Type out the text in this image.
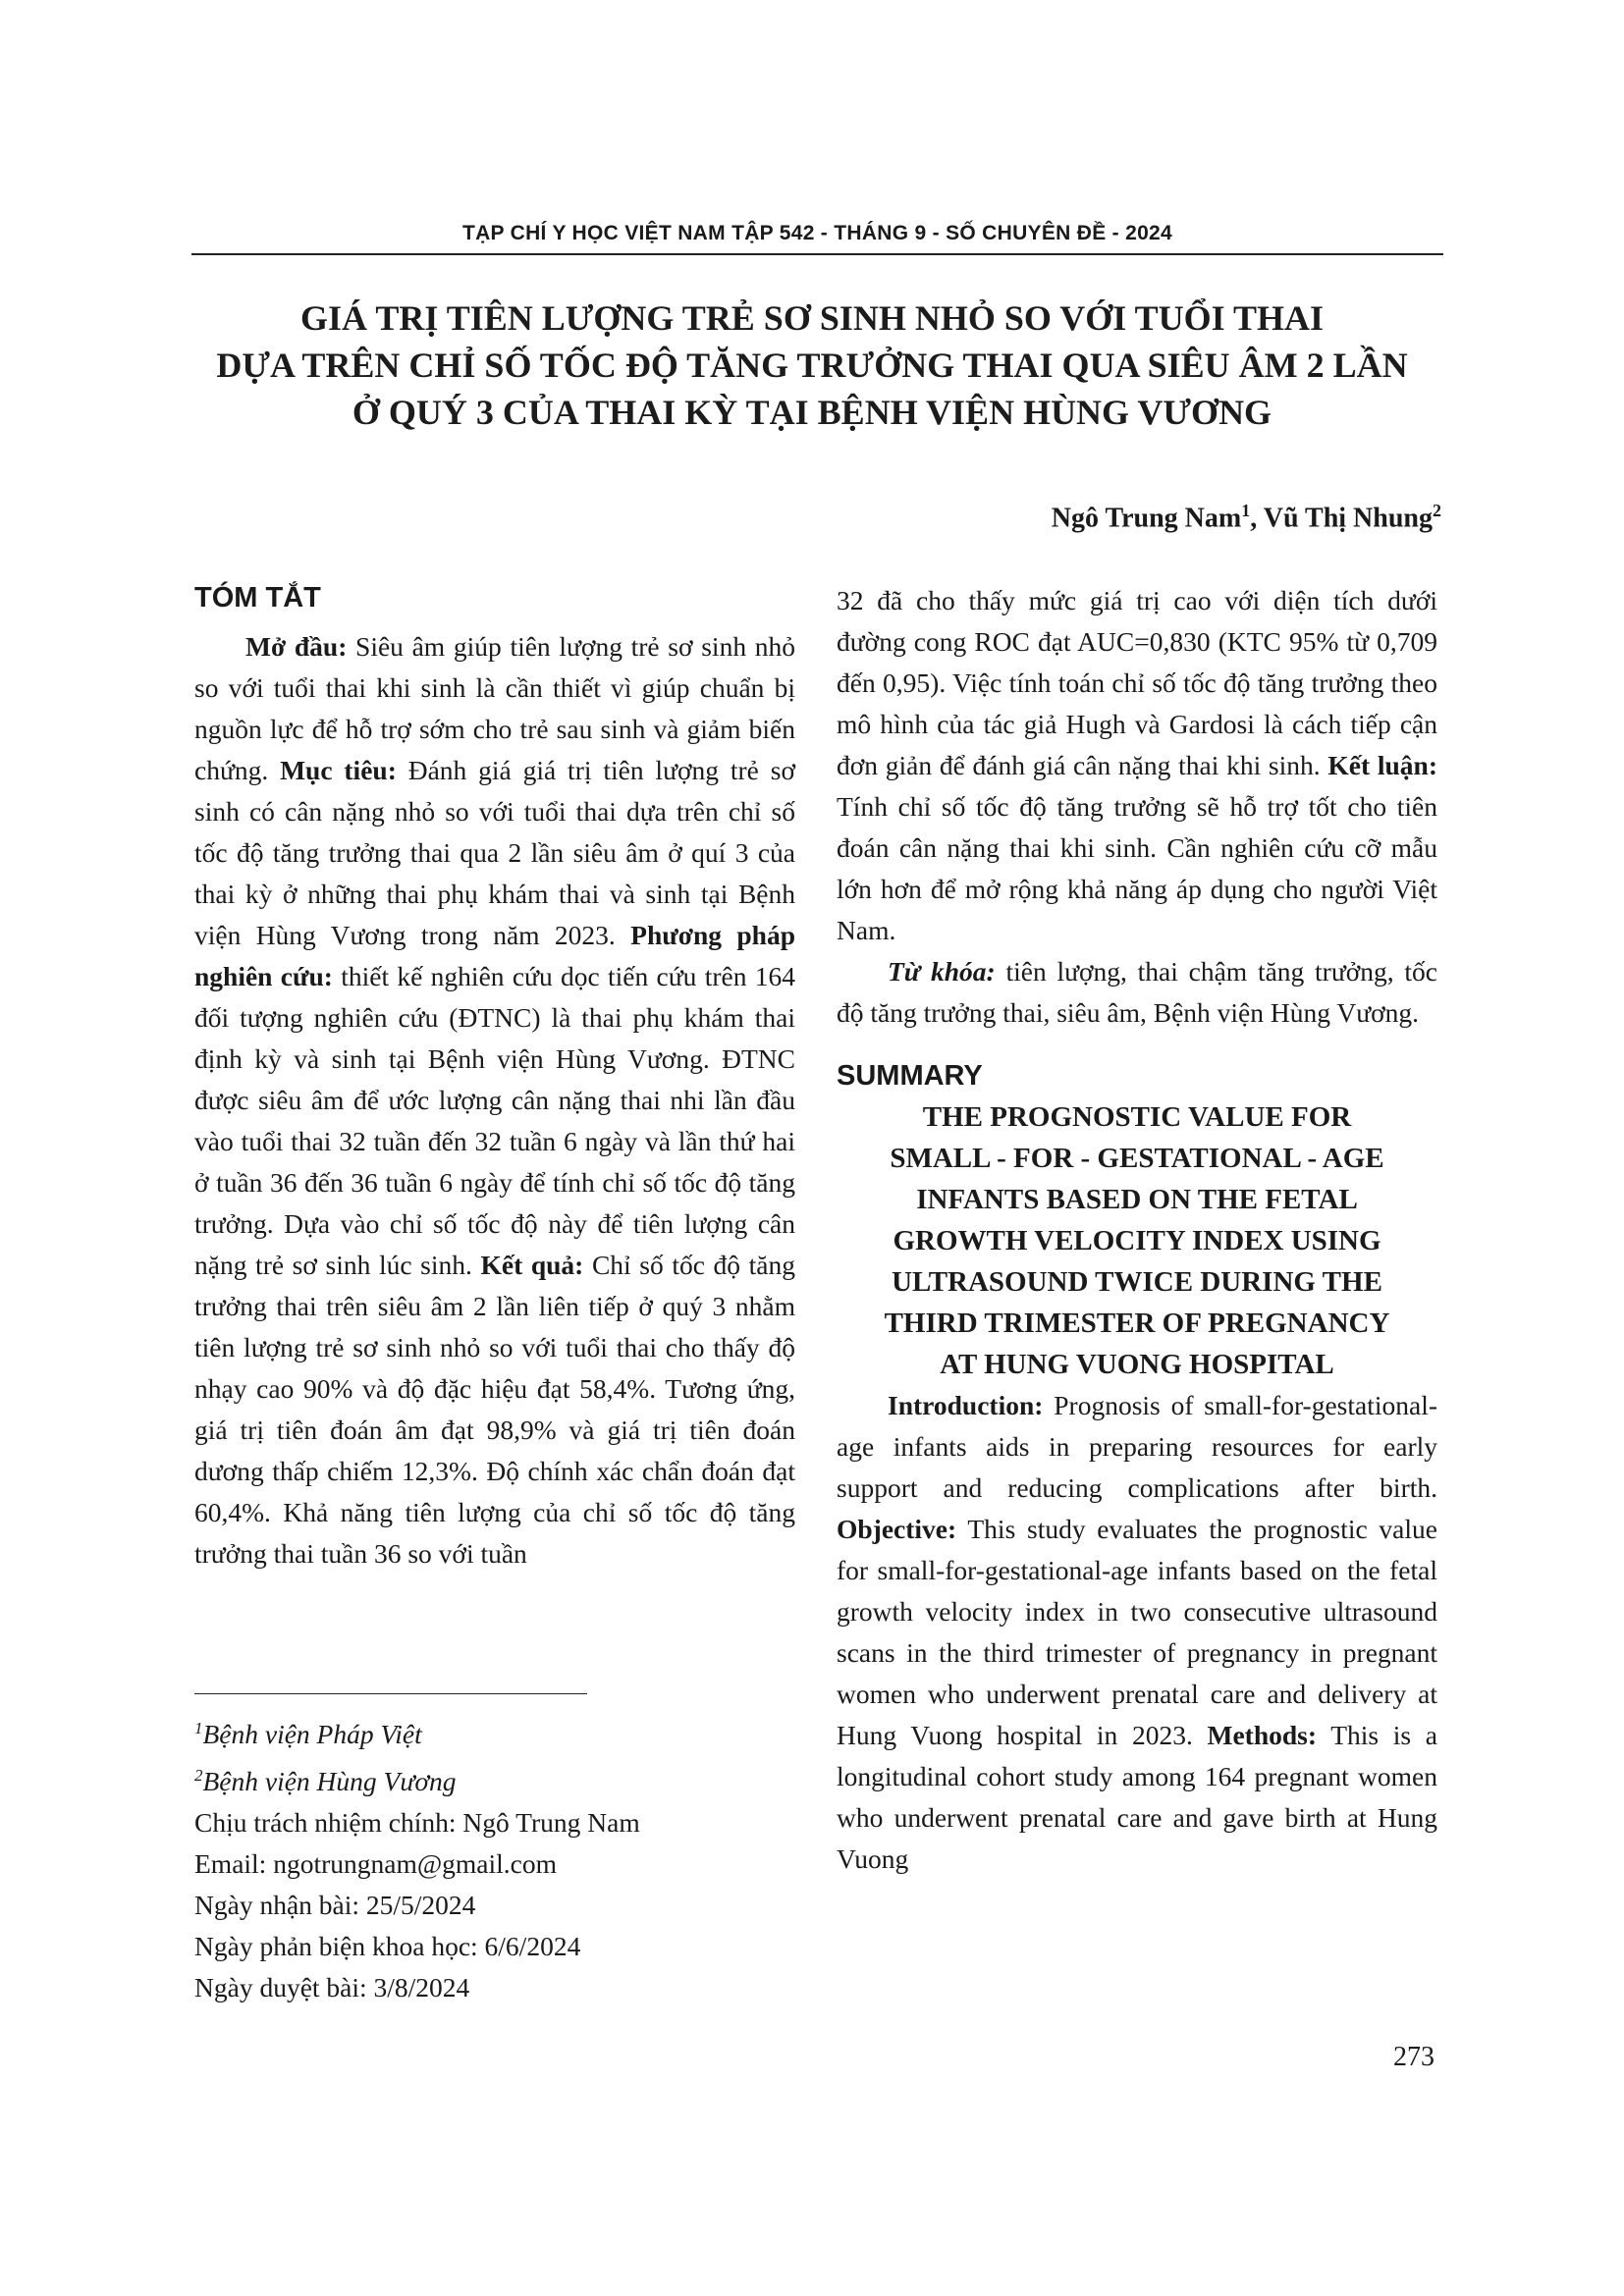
TẠP CHÍ Y HỌC VIỆT NAM TẬP 542 - THÁNG 9 - SỐ CHUYÊN ĐỀ - 2024
GIÁ TRỊ TIÊN LƯỢNG TRẺ SƠ SINH NHỎ SO VỚI TUỔI THAI
DỰA TRÊN CHỈ SỐ TỐC ĐỘ TĂNG TRƯỞNG THAI QUA SIÊU ÂM 2 LẦN
Ở QUÝ 3 CỦA THAI KỲ TẠI BỆNH VIỆN HÙNG VƯƠNG
Ngô Trung Nam$^1$, Vũ Thị Nhung$^2$
TÓM TẮT

Mở đầu: Siêu âm giúp tiên lượng trẻ sơ sinh nhỏ so với tuổi thai khi sinh là cần thiết vì giúp chuẩn bị nguồn lực để hỗ trợ sớm cho trẻ sau sinh và giảm biến chứng. Mục tiêu: Đánh giá giá trị tiên lượng trẻ sơ sinh có cân nặng nhỏ so với tuổi thai dựa trên chỉ số tốc độ tăng trưởng thai qua 2 lần siêu âm ở quí 3 của thai kỳ ở những thai phụ khám thai và sinh tại Bệnh viện Hùng Vương trong năm 2023. Phương pháp nghiên cứu: thiết kế nghiên cứu dọc tiến cứu trên 164 đối tượng nghiên cứu (ĐTNC) là thai phụ khám thai định kỳ và sinh tại Bệnh viện Hùng Vương. ĐTNC được siêu âm để ước lượng cân nặng thai nhi lần đầu vào tuổi thai 32 tuần đến 32 tuần 6 ngày và lần thứ hai ở tuần 36 đến 36 tuần 6 ngày để tính chỉ số tốc độ tăng trưởng. Dựa vào chỉ số tốc độ này để tiên lượng cân nặng trẻ sơ sinh lúc sinh. Kết quả: Chỉ số tốc độ tăng trưởng thai trên siêu âm 2 lần liên tiếp ở quý 3 nhằm tiên lượng trẻ sơ sinh nhỏ so với tuổi thai cho thấy độ nhạy cao 90% và độ đặc hiệu đạt 58,4%. Tương ứng, giá trị tiên đoán âm đạt 98,9% và giá trị tiên đoán dương thấp chiếm 12,3%. Độ chính xác chẩn đoán đạt 60,4%. Khả năng tiên lượng của chỉ số tốc độ tăng trưởng thai tuần 36 so với tuần

32 đã cho thấy mức giá trị cao với diện tích dưới đường cong ROC đạt AUC=0,830 (KTC 95% từ 0,709 đến 0,95). Việc tính toán chỉ số tốc độ tăng trưởng theo mô hình của tác giả Hugh và Gardosi là cách tiếp cận đơn giản để đánh giá cân nặng thai khi sinh. Kết luận: Tính chỉ số tốc độ tăng trưởng sẽ hỗ trợ tốt cho tiên đoán cân nặng thai khi sinh. Cần nghiên cứu cỡ mẫu lớn hơn để mở rộng khả năng áp dụng cho người Việt Nam.

Từ khóa: tiên lượng, thai chậm tăng trưởng, tốc độ tăng trưởng thai, siêu âm, Bệnh viện Hùng Vương.

SUMMARY
THE PROGNOSTIC VALUE FOR
SMALL - FOR - GESTATIONAL - AGE
INFANTS BASED ON THE FETAL
GROWTH VELOCITY INDEX USING
ULTRASOUND TWICE DURING THE
THIRD TRIMESTER OF PREGNANCY
AT HUNG VUONG HOSPITAL

Introduction: Prognosis of small-for-gestational-age infants aids in preparing resources for early support and reducing complications after birth. Objective: This study evaluates the prognostic value for small-for-gestational-age infants based on the fetal growth velocity index in two consecutive ultrasound scans in the third trimester of pregnancy in pregnant women who underwent prenatal care and delivery at Hung Vuong hospital in 2023. Methods: This is a longitudinal cohort study among 164 pregnant women who underwent prenatal care and gave birth at Hung Vuong

$^1$Bệnh viện Pháp Việt
$^2$Bệnh viện Hùng Vương
Chịu trách nhiệm chính: Ngô Trung Nam
Email: ngotrungnam@gmail.com
Ngày nhận bài: 25/5/2024
Ngày phản biện khoa học: 6/6/2024
Ngày duyệt bài: 3/8/2024
273
